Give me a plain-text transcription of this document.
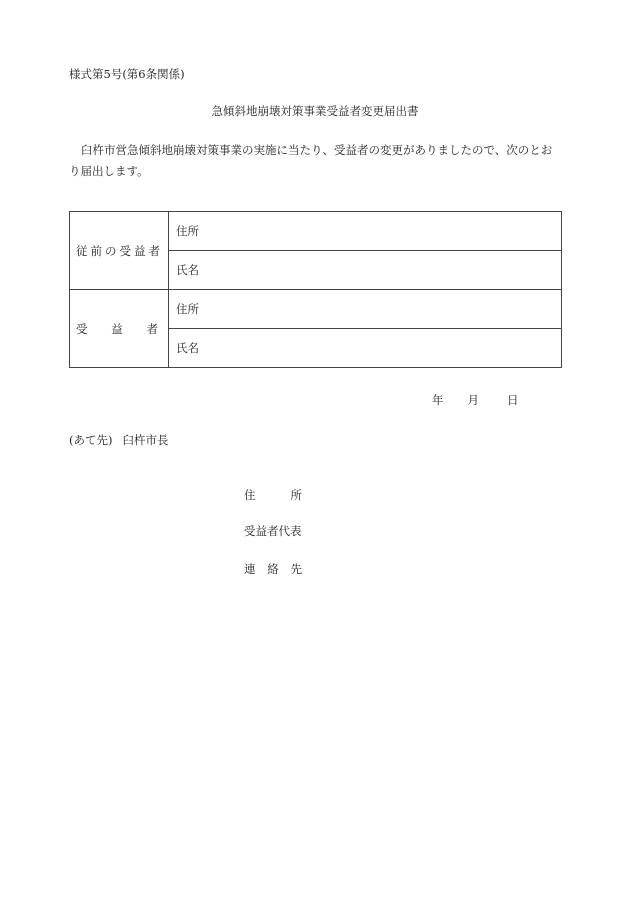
様式第5号(第6条関係)
急傾斜地崩壊対策事業受益者変更届出書
臼杵市営急傾斜地崩壊対策事業の実施に当たり、受益者の変更がありましたので、次のとお
り届出します。
従前の受益者	住所
	氏名

受 益 者	住所
	氏名
年 月 日
(あて先) 臼杵市長
住	所
受益者代表
連 絡 先
